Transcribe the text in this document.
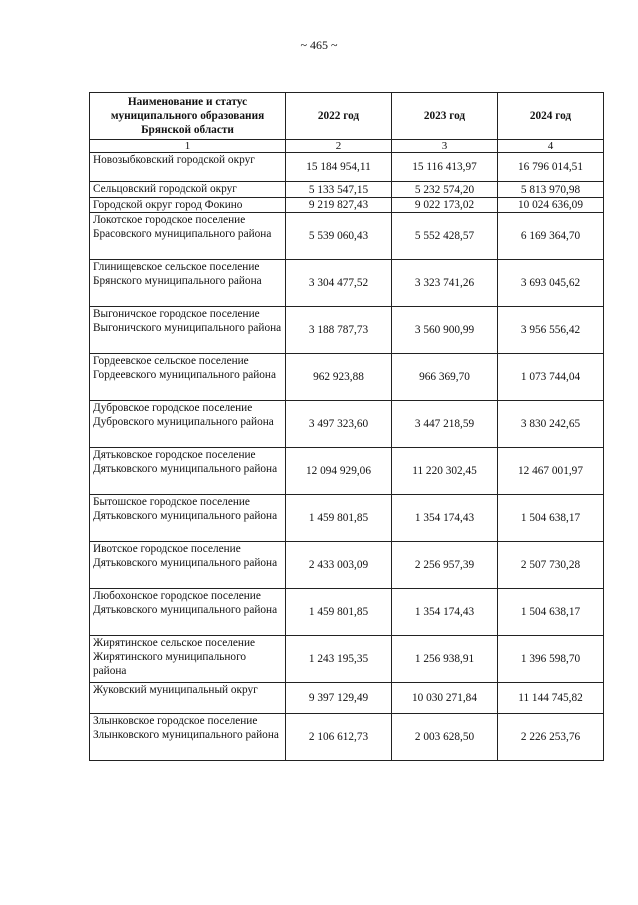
~ 465 ~
Наименование и статус муниципального образования Брянской области	2022 год	2023 год	2024 год
1	2	3	4
Новозыбковский городской округ	15 184 954,11	15 116 413,97	16 796 014,51
Сельцовский городской округ	5 133 547,15	5 232 574,20	5 813 970,98
Городской округ город Фокино	9 219 827,43	9 022 173,02	10 024 636,09
Локотское городское поселение Брасовского муниципального района	5 539 060,43	5 552 428,57	6 169 364,70
Глинищевское сельское поселение Брянского муниципального района	3 304 477,52	3 323 741,26	3 693 045,62
Выгоничское городское поселение Выгоничского муниципального района	3 188 787,73	3 560 900,99	3 956 556,42
Гордеевское сельское поселение Гордеевского муниципального района	962 923,88	966 369,70	1 073 744,04
Дубровское городское поселение Дубровского муниципального района	3 497 323,60	3 447 218,59	3 830 242,65
Дятьковское городское поселение Дятьковского муниципального района	12 094 929,06	11 220 302,45	12 467 001,97
Бытошское городское поселение Дятьковского муниципального района	1 459 801,85	1 354 174,43	1 504 638,17
Ивотское городское поселение Дятьковского муниципального района	2 433 003,09	2 256 957,39	2 507 730,28
Любохонское городское поселение Дятьковского муниципального района	1 459 801,85	1 354 174,43	1 504 638,17
Жирятинское сельское поселение Жирятинского муниципального района	1 243 195,35	1 256 938,91	1 396 598,70
Жуковский муниципальный округ	9 397 129,49	10 030 271,84	11 144 745,82
Злынковское городское поселение Злынковского муниципального района	2 106 612,73	2 003 628,50	2 226 253,76
